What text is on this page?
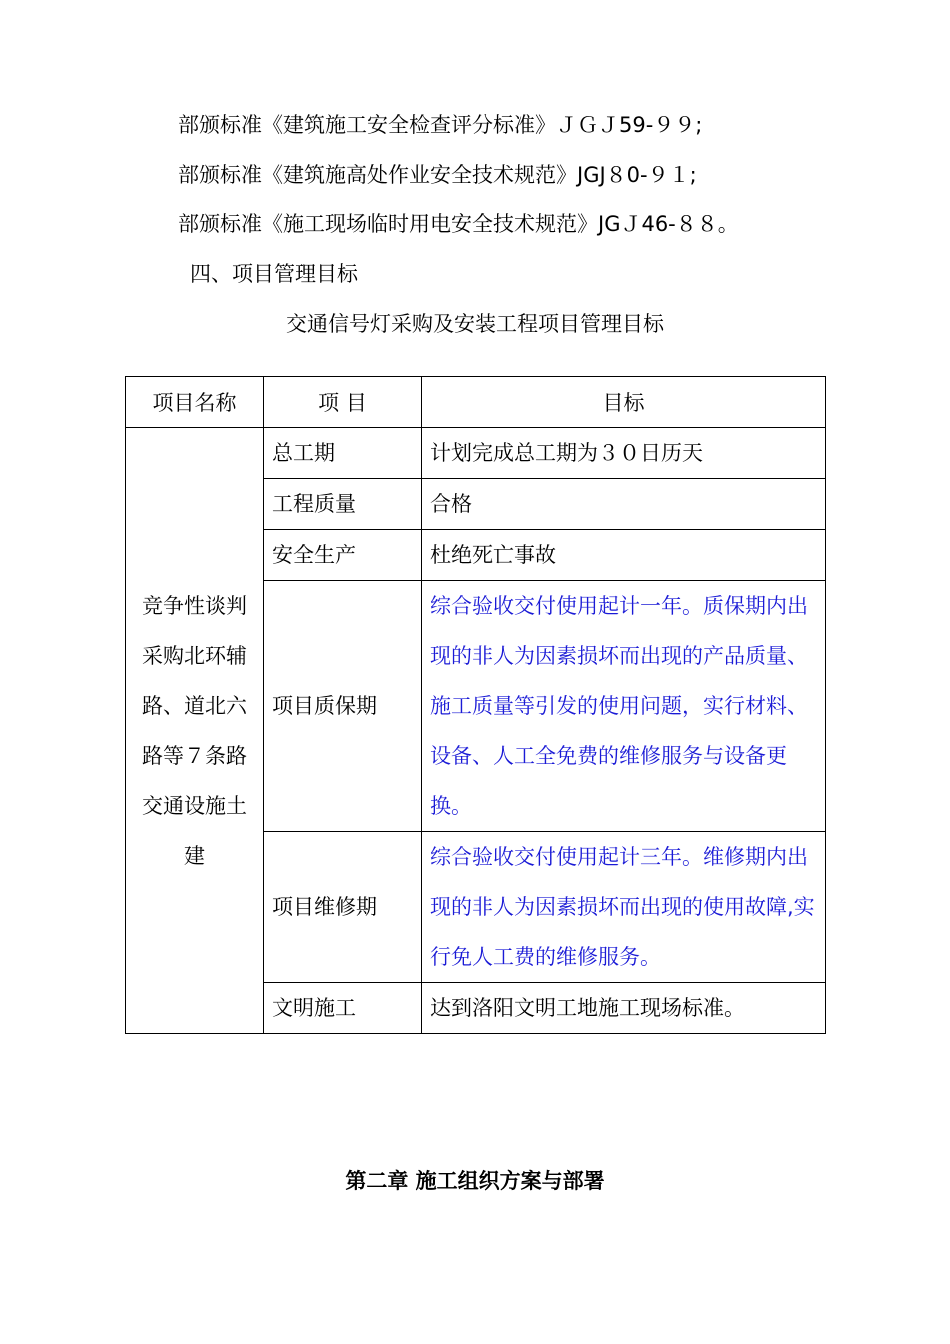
部颁标准《建筑施工安全检查评分标准》ＪＧＪ59-９９;
部颁标准《建筑施高处作业安全技术规范》JGJ８0-９１;
部颁标准《施工现场临时用电安全技术规范》JGＪ46-８８。
四、项目管理目标
交通信号灯采购及安装工程项目管理目标
项目名称	项 目	目标
竞争性谈判采购北环辅路、道北六路等７条路交通设施土建	总工期	计划完成总工期为３０日历天
	工程质量	合格
	安全生产	杜绝死亡事故
	项目质保期	综合验收交付使用起计一年。质保期内出现的非人为因素损坏而出现的产品质量、施工质量等引发的使用问题，实行材料、设备、人工全免费的维修服务与设备更换。
	项目维修期	综合验收交付使用起计三年。维修期内出现的非人为因素损坏而出现的使用故障,实行免人工费的维修服务。
	文明施工	达到洛阳文明工地施工现场标准。
第二章 施工组织方案与部署
